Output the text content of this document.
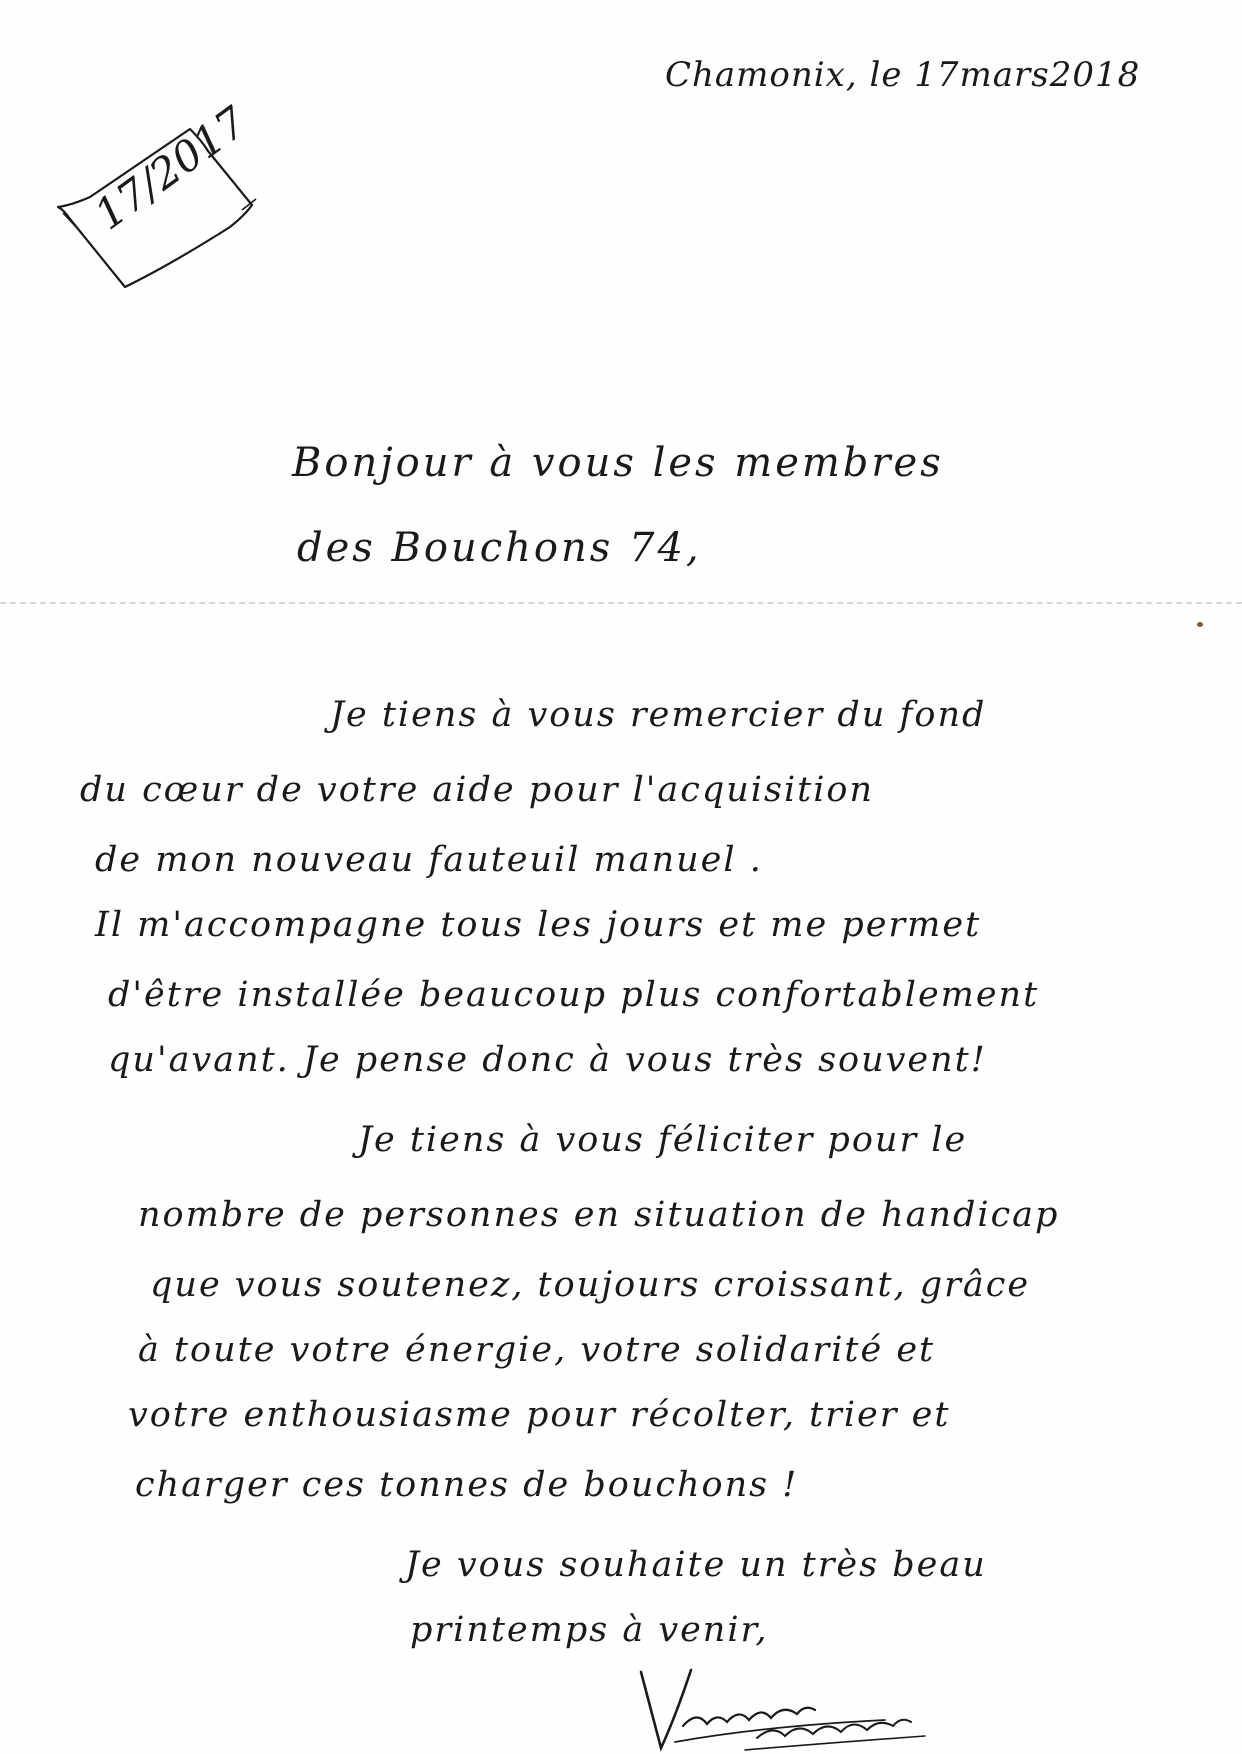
Chamonix, le 17mars2018
17/2017
Bonjour à vous les membres
des Bouchons 74,
Je tiens à vous remercier du fond
du cœur de votre aide pour l'acquisition
de mon nouveau fauteuil manuel .
Il m'accompagne tous les jours et me permet
d'être installée beaucoup plus confortablement
qu'avant. Je pense donc à vous très souvent!
Je tiens à vous féliciter pour le
nombre de personnes en situation de handicap
que vous soutenez, toujours croissant, grâce
à toute votre énergie, votre solidarité et
votre enthousiasme pour récolter, trier et
charger ces tonnes de bouchons !
Je vous souhaite un très beau
printemps à venir,
